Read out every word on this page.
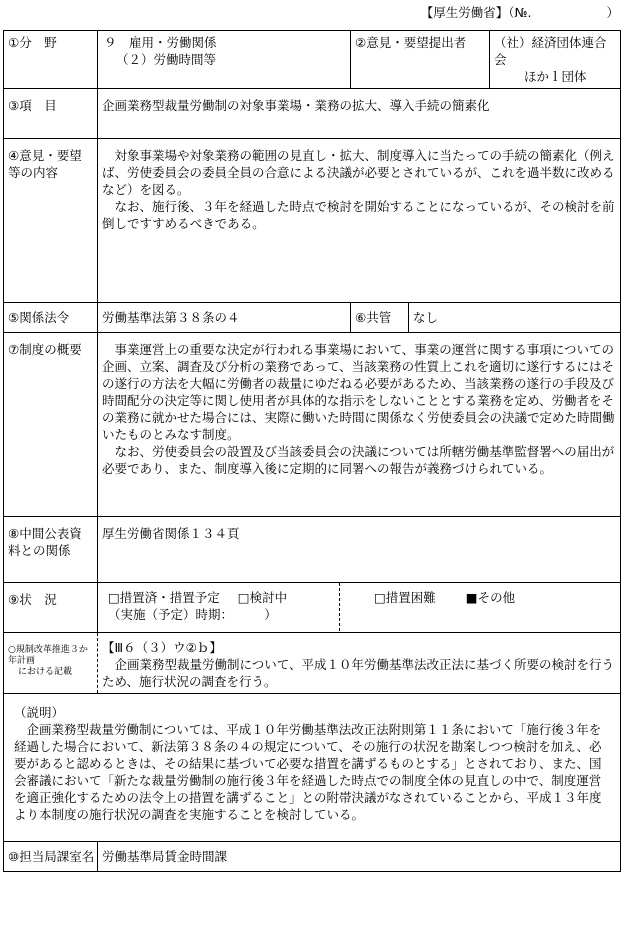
【厚生労働省】（№.　　　　　　）
①分　野	９　雇用・労働関係
（２）労働時間等

②意見・要望提出者	（社）経済団体連合会
ほかｌ団体

③項　目	企画業務型裁量労働制の対象事業場・業務の拡大、導入手続の簡素化
④意見・要望等の内容	

対象事業場や対象業務の範囲の見直し・拡大、制度導入に当たっての手続の簡素化（例えば、労使委員会の委員全員の合意による決議が必要とされているが、これを過半数に改めるなど）を図る。

なお、施行後、３年を経過した時点で検討を開始することになっているが、その検討を前倒しですすめるべきである。

⑤関係法令	労働基準法第３８条の４	⑥共管	なし
⑦制度の概要	事業運営上の重要な決定が行われる事業場において、事業の運営に関する事項についての企画、立案、調査及び分析の業務であって、当該業務の性質上これを適切に遂行するにはその遂行の方法を大幅に労働者の裁量にゆだねる必要があるため、当該業務の遂行の手段及び時間配分の決定等に関し使用者が具体的な指示をしないこととする業務を定め、労働者をその業務に就かせた場合には、実際に働いた時間に関係なく労使委員会の決議で定めた時間働いたものとみなす制度。

なお、労使委員会の設置及び当該委員会の決議については所轄労働基準監督署への届出が必要であり、また、制度導入後に定期的に同署への報告が義務づけられている。

⑧中間公表資料との関係	厚生労働省関係１３４頁
⑨状　況	□措置済・措置予定 □検討中
（実施（予定）時期：　　　）
□措置困難 ■その他

○規制改革推進３か年計画
における記載

【Ⅲ６（３）ウ②ｂ】

企画業務型裁量労働制について、平成１０年労働基準法改正法に基づく所要の検討を行うため、施行状況の調査を行う。

（説明）

企画業務型裁量労働制については、平成１０年労働基準法改正法附則第１１条において「施行後３年を経過した場合において、新法第３８条の４の規定について、その施行の状況を勘案しつつ検討を加え、必要があると認めるときは、その結果に基づいて必要な措置を講ずるものとする」とされており、また、国会審議において「新たな裁量労働制の施行後３年を経過した時点での制度全体の見直しの中で、制度運営を適正強化するための法令上の措置を講ずること」との附帯決議がなされていることから、平成１３年度より本制度の施行状況の調査を実施することを検討している。

⑩担当局課室名	労働基準局賃金時間課
